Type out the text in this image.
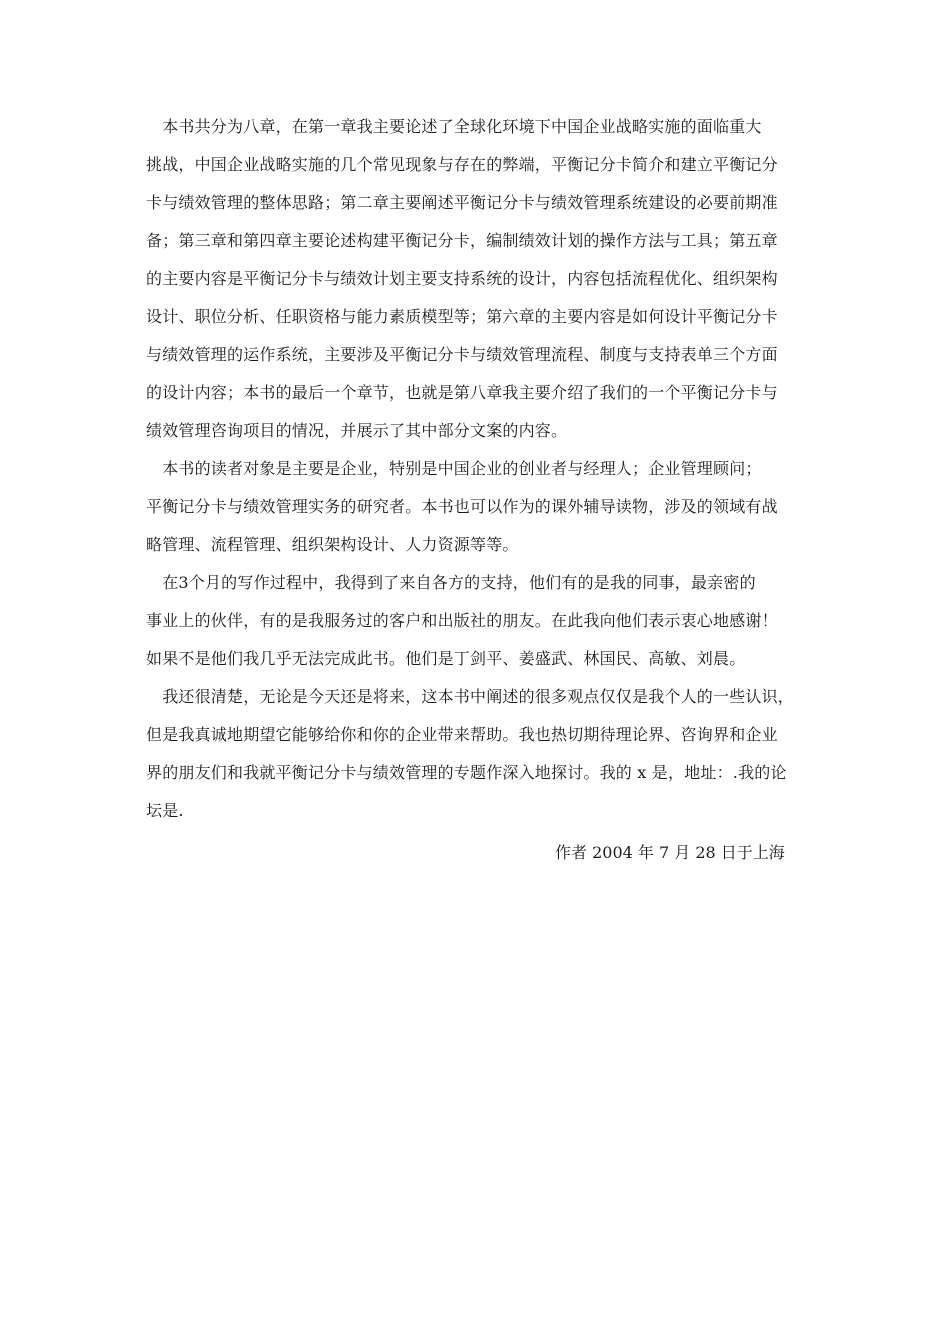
　本书共分为八章，在第一章我主要论述了全球化环境下中国企业战略实施的面临重大
挑战，中国企业战略实施的几个常见现象与存在的弊端，平衡记分卡简介和建立平衡记分
卡与绩效管理的整体思路；第二章主要阐述平衡记分卡与绩效管理系统建设的必要前期准
备；第三章和第四章主要论述构建平衡记分卡，编制绩效计划的操作方法与工具；第五章
的主要内容是平衡记分卡与绩效计划主要支持系统的设计，内容包括流程优化、组织架构
设计、职位分析、任职资格与能力素质模型等；第六章的主要内容是如何设计平衡记分卡
与绩效管理的运作系统，主要涉及平衡记分卡与绩效管理流程、制度与支持表单三个方面
的设计内容；本书的最后一个章节，也就是第八章我主要介绍了我们的一个平衡记分卡与
绩效管理咨询项目的情况，并展示了其中部分文案的内容。
　本书的读者对象是主要是企业，特别是中国企业的创业者与经理人；企业管理顾问；
平衡记分卡与绩效管理实务的研究者。本书也可以作为的课外辅导读物，涉及的领域有战
略管理、流程管理、组织架构设计、人力资源等等。
　在3个月的写作过程中，我得到了来自各方的支持，他们有的是我的同事，最亲密的
事业上的伙伴，有的是我服务过的客户和出版社的朋友。在此我向他们表示衷心地感谢！
如果不是他们我几乎无法完成此书。他们是丁剑平、姜盛武、林国民、高敏、刘晨。
　我还很清楚，无论是今天还是将来，这本书中阐述的很多观点仅仅是我个人的一些认识，
但是我真诚地期望它能够给你和你的企业带来帮助。我也热切期待理论界、咨询界和企业
界的朋友们和我就平衡记分卡与绩效管理的专题作深入地探讨。我的 x 是，地址：.我的论
坛是.
作者 2004 年 7 月 28 日于上海
